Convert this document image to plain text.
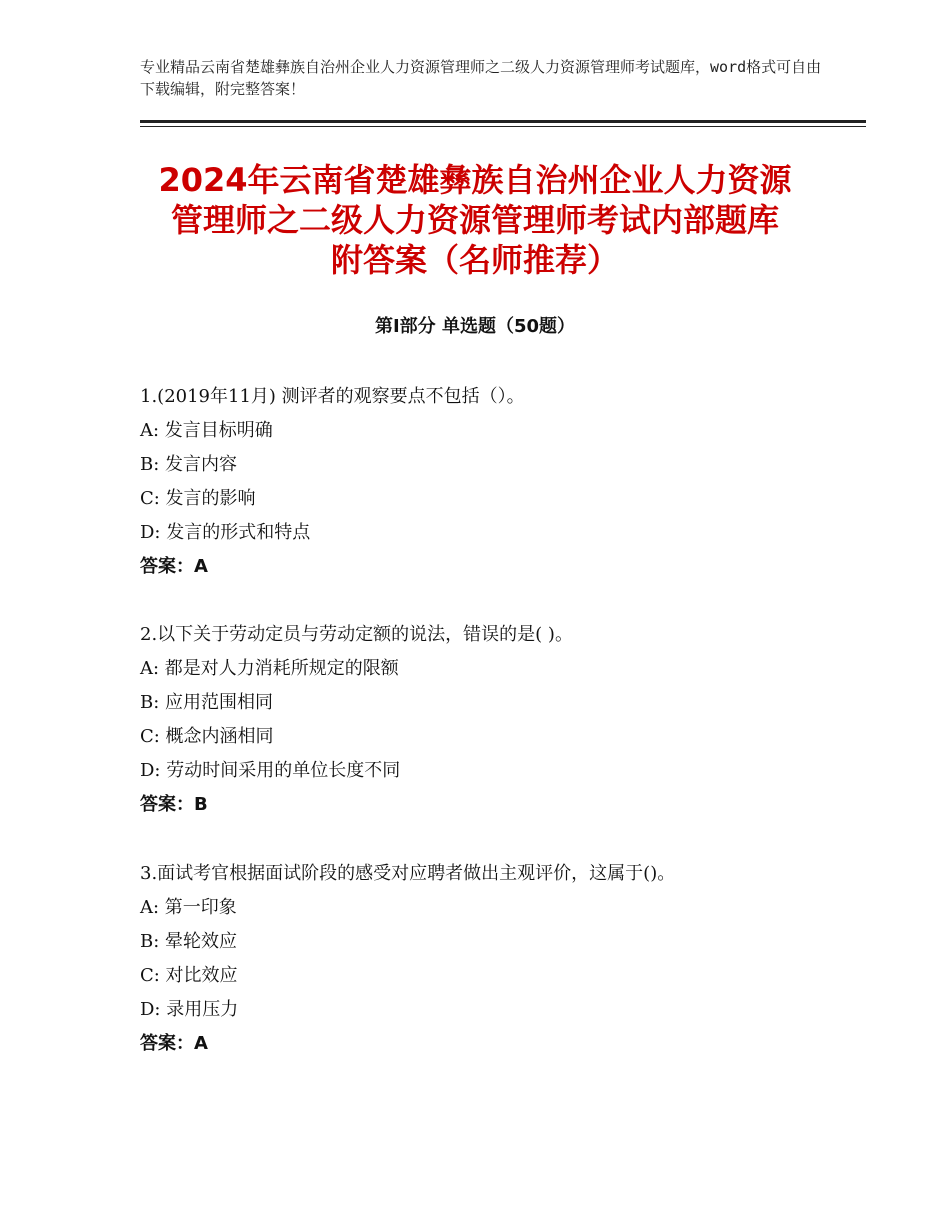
专业精品云南省楚雄彝族自治州企业人力资源管理师之二级人力资源管理师考试题库，word格式可自由下载编辑，附完整答案！
2024年云南省楚雄彝族自治州企业人力资源
管理师之二级人力资源管理师考试内部题库
附答案（名师推荐）
第Ⅰ部分 单选题（50题）
1.(2019年11月) 测评者的观察要点不包括（）。
A: 发言目标明确
B: 发言内容
C: 发言的影响
D: 发言的形式和特点
答案：A
2.以下关于劳动定员与劳动定额的说法，错误的是( )。
A: 都是对人力消耗所规定的限额
B: 应用范围相同
C: 概念内涵相同
D: 劳动时间采用的单位长度不同
答案：B
3.面试考官根据面试阶段的感受对应聘者做出主观评价，这属于()。
A: 第一印象
B: 晕轮效应
C: 对比效应
D: 录用压力
答案：A
